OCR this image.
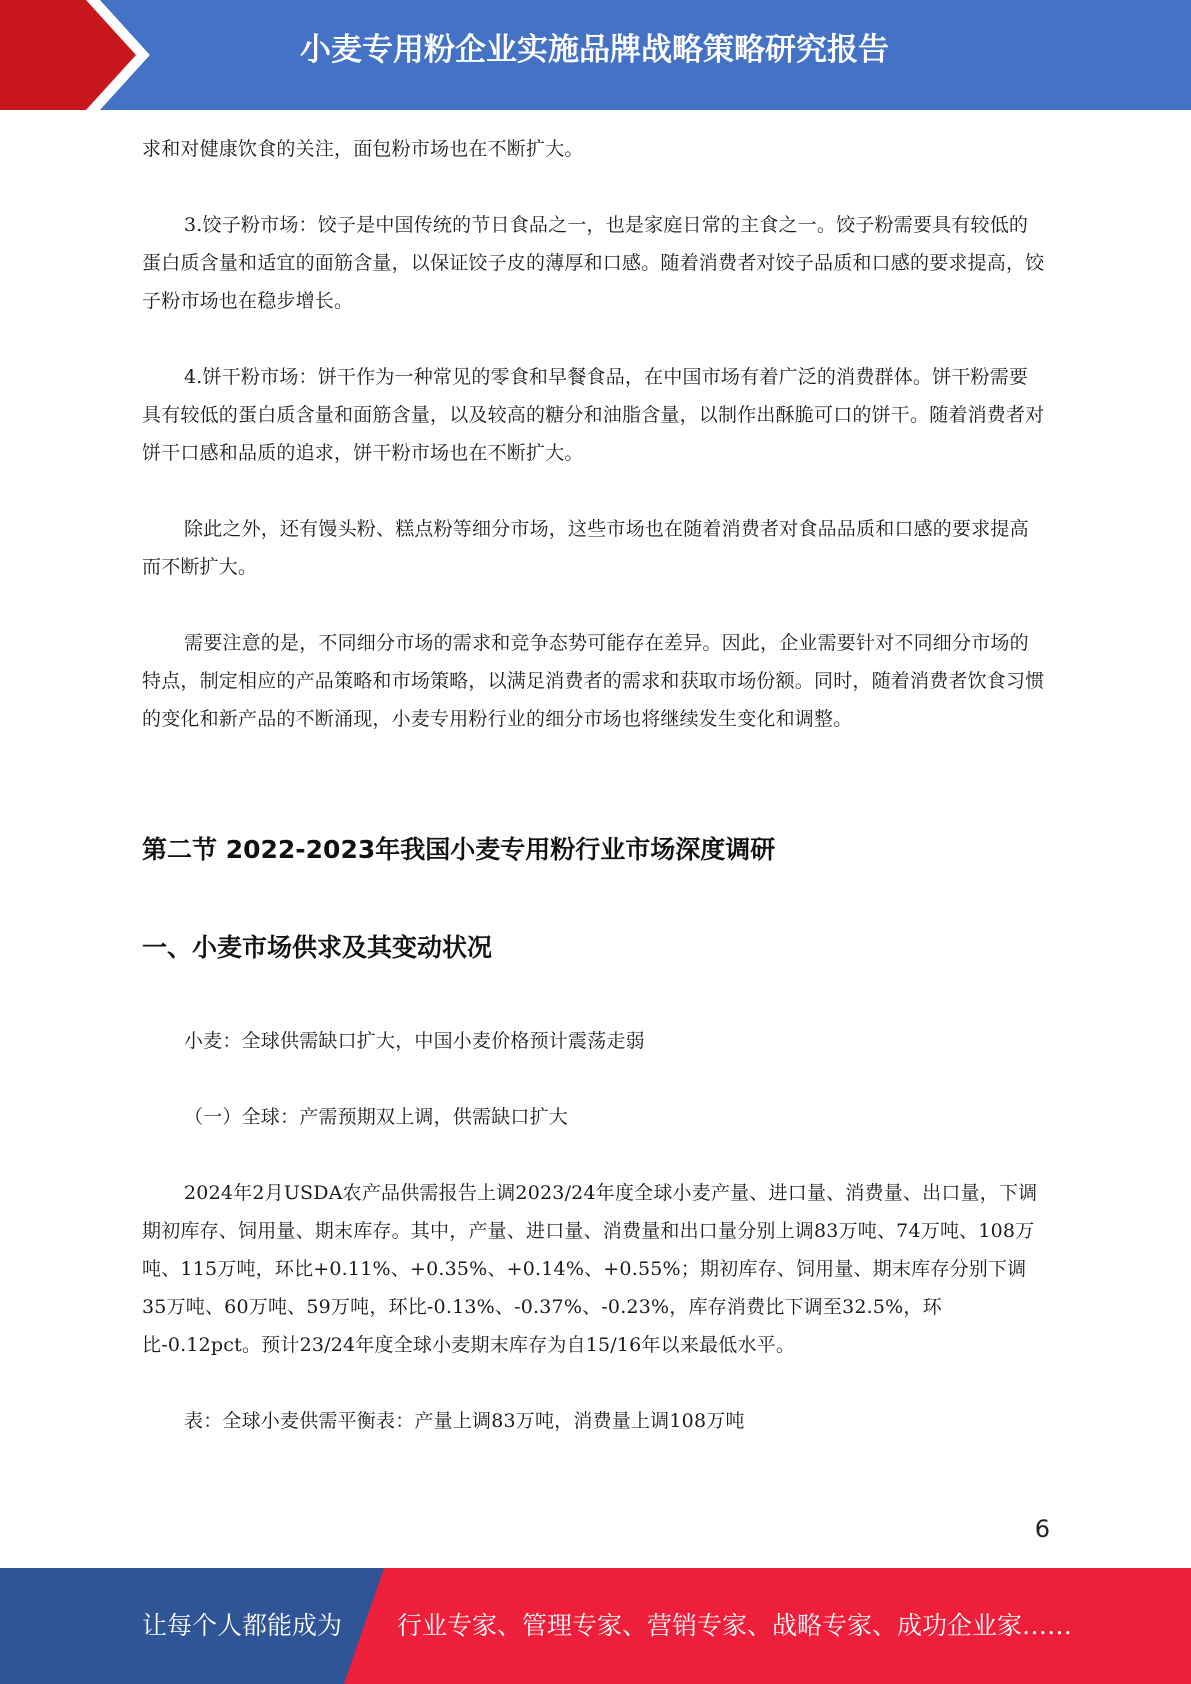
小麦专用粉企业实施品牌战略策略研究报告

求和对健康饮食的关注，面包粉市场也在不断扩大。

3.饺子粉市场：饺子是中国传统的节日食品之一，也是家庭日常的主食之一。饺子粉需要具有较低的蛋白质含量和适宜的面筋含量，以保证饺子皮的薄厚和口感。随着消费者对饺子品质和口感的要求提高，饺子粉市场也在稳步增长。

4.饼干粉市场：饼干作为一种常见的零食和早餐食品，在中国市场有着广泛的消费群体。饼干粉需要具有较低的蛋白质含量和面筋含量，以及较高的糖分和油脂含量，以制作出酥脆可口的饼干。随着消费者对饼干口感和品质的追求，饼干粉市场也在不断扩大。

除此之外，还有馒头粉、糕点粉等细分市场，这些市场也在随着消费者对食品品质和口感的要求提高而不断扩大。

需要注意的是，不同细分市场的需求和竞争态势可能存在差异。因此，企业需要针对不同细分市场的特点，制定相应的产品策略和市场策略，以满足消费者的需求和获取市场份额。同时，随着消费者饮食习惯的变化和新产品的不断涌现，小麦专用粉行业的细分市场也将继续发生变化和调整。

第二节 2022-2023年我国小麦专用粉行业市场深度调研
一、小麦市场供求及其变动状况

小麦：全球供需缺口扩大，中国小麦价格预计震荡走弱

（一）全球：产需预期双上调，供需缺口扩大

2024年2月USDA农产品供需报告上调2023/24年度全球小麦产量、进口量、消费量、出口量，下调期初库存、饲用量、期末库存。其中，产量、进口量、消费量和出口量分别上调83万吨、74万吨、108万吨、115万吨，环比+0.11%、+0.35%、+0.14%、+0.55%；期初库存、饲用量、期末库存分别下调35万吨、60万吨、59万吨，环比-0.13%、-0.37%、-0.23%，库存消费比下调至32.5%，环比-0.12pct。预计23/24年度全球小麦期末库存为自15/16年以来最低水平。

表：全球小麦供需平衡表：产量上调83万吨，消费量上调108万吨

6
让每个人都能成为 行业专家、管理专家、营销专家、战略专家、成功企业家……
